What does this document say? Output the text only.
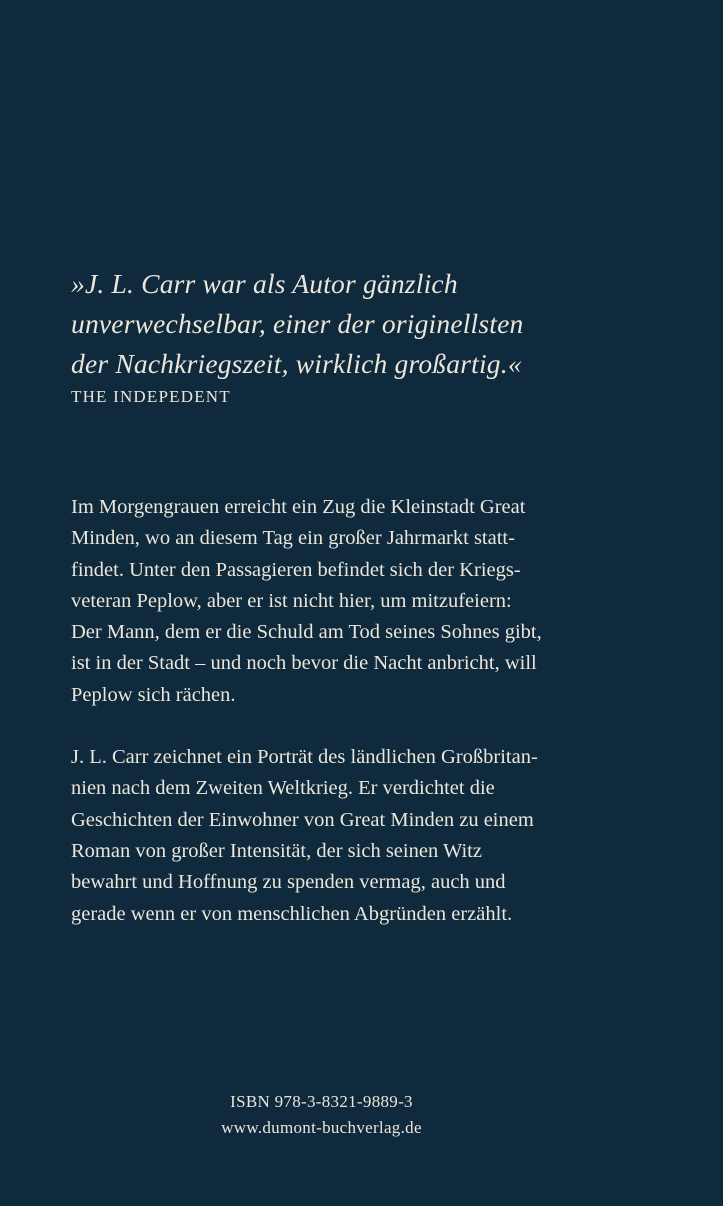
»J. L. Carr war als Autor gänzlich
unverwechselbar, einer der originellsten
der Nachkriegszeit, wirklich großartig.«
THE INDEPEDENT

Im Morgengrauen erreicht ein Zug die Kleinstadt Great
Minden, wo an diesem Tag ein großer Jahrmarkt statt-
findet. Unter den Passagieren befindet sich der Kriegs-
veteran Peplow, aber er ist nicht hier, um mitzufeiern:
Der Mann, dem er die Schuld am Tod seines Sohnes gibt,
ist in der Stadt – und noch bevor die Nacht anbricht, will
Peplow sich rächen.

J. L. Carr zeichnet ein Porträt des ländlichen Großbritan-
nien nach dem Zweiten Weltkrieg. Er verdichtet die
Geschichten der Einwohner von Great Minden zu einem
Roman von großer Intensität, der sich seinen Witz
bewahrt und Hoffnung zu spenden vermag, auch und
gerade wenn er von menschlichen Abgründen erzählt.

ISBN 978-3-8321-9889-3
www.dumont-buchverlag.de
